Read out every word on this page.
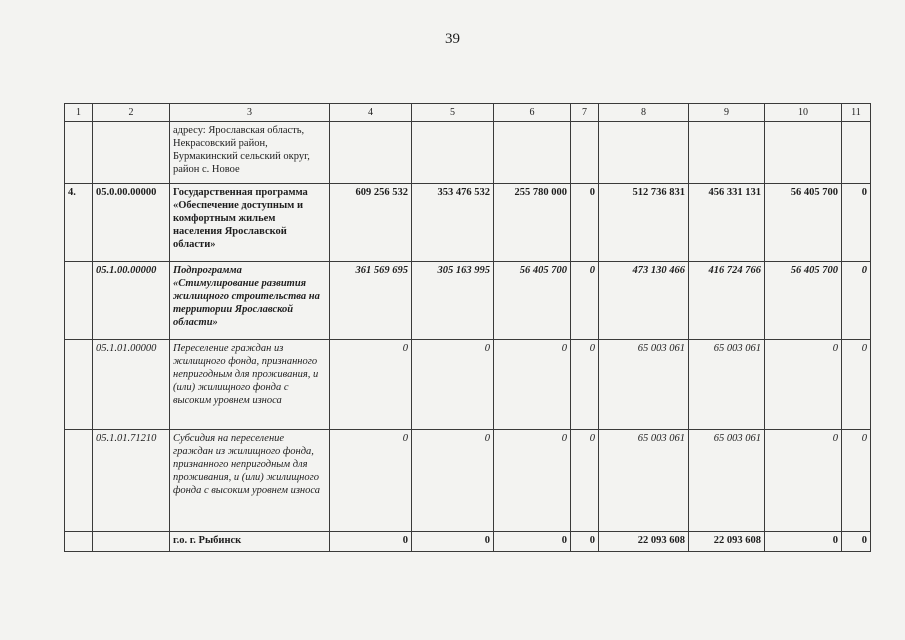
39
1	2	3	4	5	6	7	8	9	10	11
		адресу: Ярославская область, Некрасовский район, Бурмакинский сельский округ, район с. Новое								
4.	05.0.00.00000	Государственная программа «Обеспечение доступным и комфортным жильем населения Ярославской области»	609 256 532	353 476 532	255 780 000	0	512 736 831	456 331 131	56 405 700	0
	05.1.00.00000	Подпрограмма «Стимулирование развития жилищного строительства на территории Ярославской области»	361 569 695	305 163 995	56 405 700	0	473 130 466	416 724 766	56 405 700	0
	05.1.01.00000	Переселение граждан из жилищного фонда, признанного непригодным для проживания, и (или) жилищного фонда с высоким уровнем износа	0	0	0	0	65 003 061	65 003 061	0	0
	05.1.01.71210	Субсидия на переселение граждан из жилищного фонда, признанного непригодным для проживания, и (или) жилищного фонда с высоким уровнем износа	0	0	0	0	65 003 061	65 003 061	0	0
		г.о. г. Рыбинск	0	0	0	0	22 093 608	22 093 608	0	0
